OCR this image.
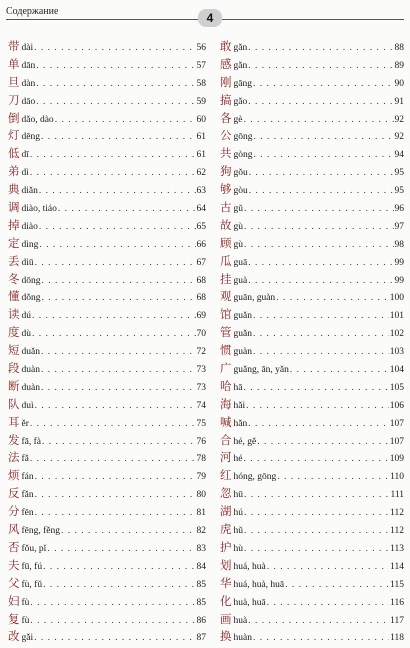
Содержание	4
带 dài . . .	56
单 dān . . .	57
旦 dàn . . .	58
刀 dāo . . .	59
倒 dǎo, dào . . .	60
灯 dēng . . .	61
低 dī . . .	61
弟 dì . . .	62
典 diǎn . . .	63
调 diào, tiáo . . .	64
掉 diào . . .	65
定 dìng . . .	66
丢 diū . . .	67
冬 dōng . . .	68
懂 dǒng . . .	68
读 dú . . .	69
度 dù . . .	70
短 duǎn . . .	72
段 duàn . . .	73
断 duàn . . .	73
队 duì . . .	74
耳 ěr . . .	75
发 fā, fà . . .	76
法 fǎ . . .	78
烦 fán . . .	79
反 fǎn . . .	80
分 fēn . . .	81
风 fēng, fěng . . .	82
否 fǒu, pǐ . . .	83
夫 fū, fú . . .	84
父 fù, fǔ . . .	85
妇 fù . . .	85
复 fù . . .	86
改 gǎi . . .	87
敢 gǎn . . .	88
感 gǎn . . .	89
刚 gāng . . .	90
搞 gǎo . . .	91
各 gè . . .	92
公 gōng . . .	92
共 gòng . . .	94
狗 gǒu . . .	95
够 gòu . . .	95
古 gǔ . . .	96
故 gù . . .	97
顾 gù . . .	98
瓜 guā . . .	99
挂 guà . . .	99
观 guān, guàn . . .	100
馆 guǎn . . .	101
管 guǎn . . .	102
惯 guàn . . .	103
广 guǎng, ān, yǎn . . .	104
哈 hā . . .	105
海 hǎi . . .	106
喊 hǎn . . .	107
合 hé, gě . . .	107
河 hé . . .	109
红 hóng, gōng . . .	110
忽 hū . . .	111
湖 hú . . .	112
虎 hǔ . . .	112
护 hù . . .	113
划 huá, huà . . .	114
华 huá, huà, huā . . .	115
化 huà, huā . . .	116
画 huà . . .	117
换 huàn . . .	118
